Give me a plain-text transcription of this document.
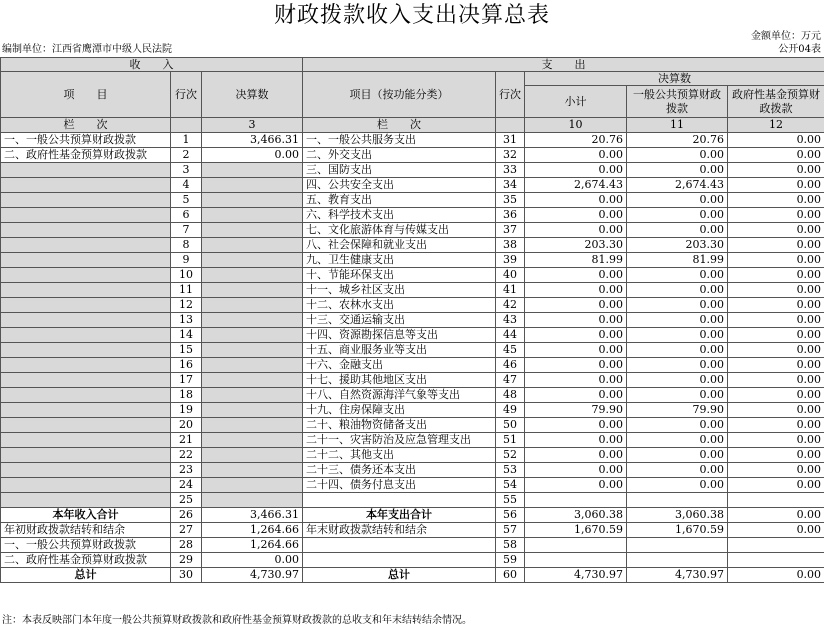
财政拨款收入支出决算总表
金额单位：万元
编制单位：江西省鹰潭市中级人民法院	公开04表
收　　入			支　　出				
项　　目	行次	决算数	项目（按功能分类）	行次	决算数		
					小计	一般公共预算财政拨款	政府性基金预算财政拨款
栏　　次		3	栏　　次		10	11	12
一、一般公共预算财政拨款	1	3,466.31	一、一般公共服务支出	31	20.76	20.76	0.00
二、政府性基金预算财政拨款	2	0.00	二、外交支出	32	0.00	0.00	0.00
	3		三、国防支出	33	0.00	0.00	0.00
	4		四、公共安全支出	34	2,674.43	2,674.43	0.00
	5		五、教育支出	35	0.00	0.00	0.00
	6		六、科学技术支出	36	0.00	0.00	0.00
	7		七、文化旅游体育与传媒支出	37	0.00	0.00	0.00
	8		八、社会保障和就业支出	38	203.30	203.30	0.00
	9		九、卫生健康支出	39	81.99	81.99	0.00
	10		十、节能环保支出	40	0.00	0.00	0.00
	11		十一、城乡社区支出	41	0.00	0.00	0.00
	12		十二、农林水支出	42	0.00	0.00	0.00
	13		十三、交通运输支出	43	0.00	0.00	0.00
	14		十四、资源勘探信息等支出	44	0.00	0.00	0.00
	15		十五、商业服务业等支出	45	0.00	0.00	0.00
	16		十六、金融支出	46	0.00	0.00	0.00
	17		十七、援助其他地区支出	47	0.00	0.00	0.00
	18		十八、自然资源海洋气象等支出	48	0.00	0.00	0.00
	19		十九、住房保障支出	49	79.90	79.90	0.00
	20		二十、粮油物资储备支出	50	0.00	0.00	0.00
	21		二十一、灾害防治及应急管理支出	51	0.00	0.00	0.00
	22		二十二、其他支出	52	0.00	0.00	0.00
	23		二十三、债务还本支出	53	0.00	0.00	0.00
	24		二十四、债务付息支出	54	0.00	0.00	0.00
	25			55			
本年收入合计	26	3,466.31	本年支出合计	56	3,060.38	3,060.38	0.00
年初财政拨款结转和结余	27	1,264.66	年末财政拨款结转和结余	57	1,670.59	1,670.59	0.00
一、一般公共预算财政拨款	28	1,264.66		58			
二、政府性基金预算财政拨款	29	0.00		59			
总计	30	4,730.97	总计	60	4,730.97	4,730.97	0.00
注：本表反映部门本年度一般公共预算财政拨款和政府性基金预算财政拨款的总收支和年末结转结余情况。
